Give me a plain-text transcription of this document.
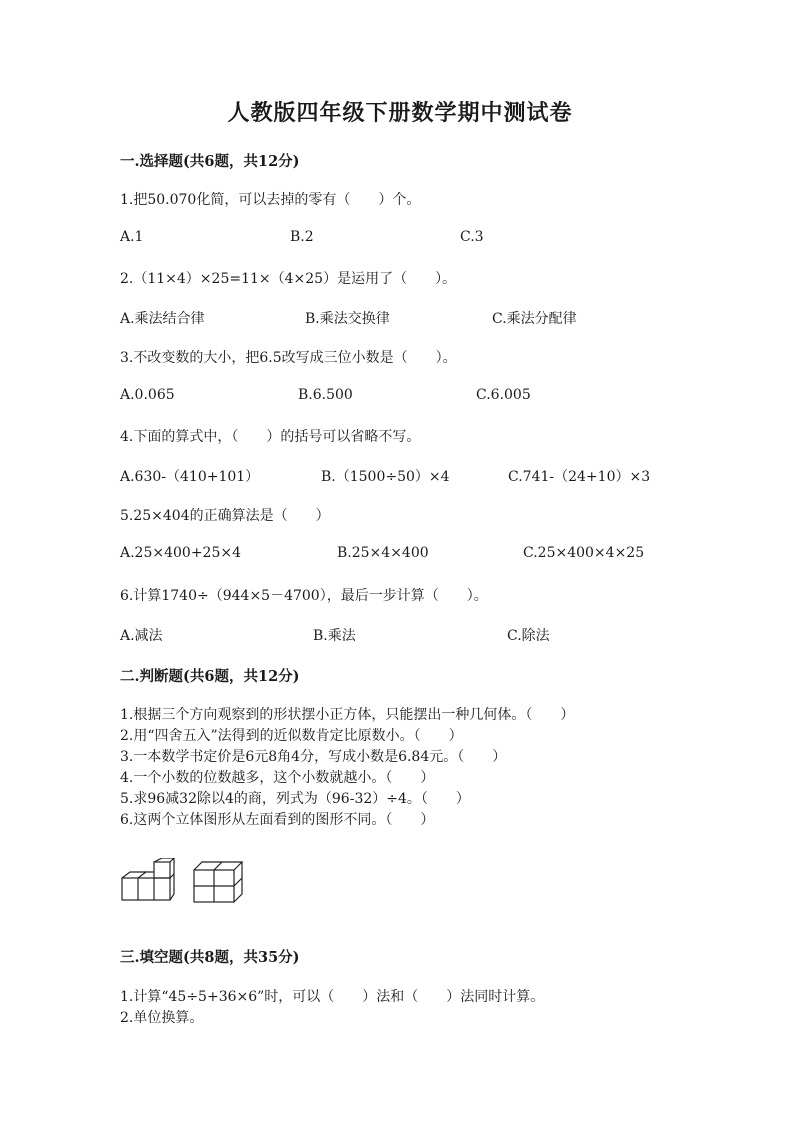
人教版四年级下册数学期中测试卷
一.选择题(共6题，共12分)
1.把50.070化简，可以去掉的零有（　　）个。
A.1	B.2	C.3
2.（11×4）×25=11×（4×25）是运用了（　　）。
A.乘法结合律	B.乘法交换律	C.乘法分配律
3.不改变数的大小，把6.5改写成三位小数是（　　）。
A.0.065	B.6.500	C.6.005
4.下面的算式中，（　　）的括号可以省略不写。
A.630-（410+101）	B.（1500÷50）×4	C.741-（24+10）×3
5.25×404的正确算法是（　　）
A.25×400+25×4	B.25×4×400	C.25×400×4×25
6.计算1740÷（944×5－4700），最后一步计算（　　）。
A.减法	B.乘法	C.除法
二.判断题(共6题，共12分)
1.根据三个方向观察到的形状摆小正方体，只能摆出一种几何体。（　　）
2.用“四舍五入”法得到的近似数肯定比原数小。（　　）
3.一本数学书定价是6元8角4分，写成小数是6.84元。（　　）
4.一个小数的位数越多，这个小数就越小。（　　）
5.求96减32除以4的商，列式为（96-32）÷4。（　　）
6.这两个立体图形从左面看到的图形不同。（　　）
三.填空题(共8题，共35分)
1.计算“45÷5+36×6”时，可以（　　）法和（　　）法同时计算。
2.单位换算。
